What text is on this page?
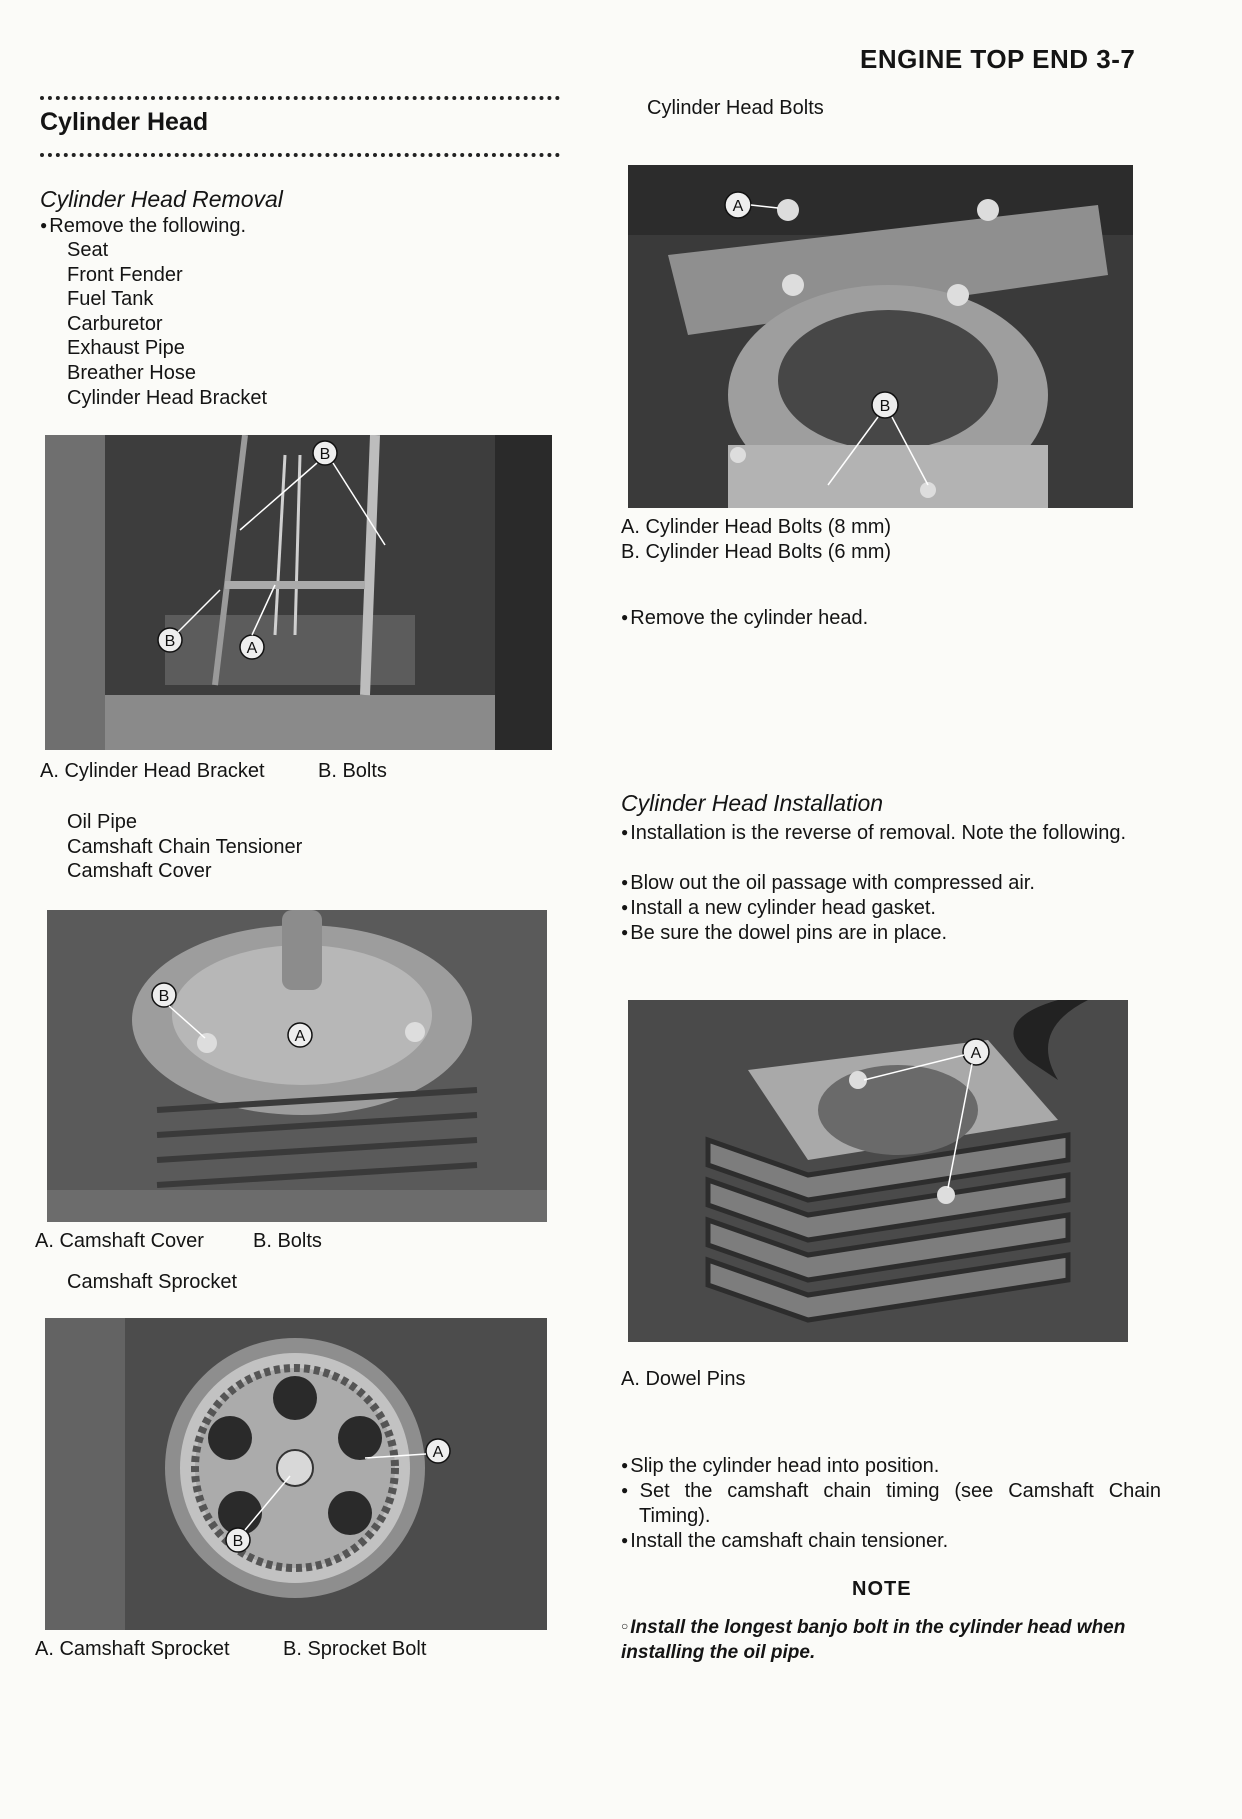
ENGINE TOP END 3-7
Cylinder Head
Cylinder Head Removal
● Remove the following.
Seat
Front Fender
Fuel Tank
Carburetor
Exhaust Pipe
Breather Hose
Cylinder Head Bracket
B
B	A
A. Cylinder Head Bracket	B. Bolts
Oil Pipe
Camshaft Chain Tensioner
Camshaft Cover
B
A
A. Camshaft Cover B. Bolts
Camshaft Sprocket
A
B
A. Camshaft Sprocket	B. Sprocket Bolt
Cylinder Head Bolts
A
B
A. Cylinder Head Bolts (8 mm)
B. Cylinder Head Bolts (6 mm)
● Remove the cylinder head.
Cylinder Head Installation
● Installation is the reverse of removal. Note the following.
● Blow out the oil passage with compressed air.
● Install a new cylinder head gasket.
● Be sure the dowel pins are in place.
A
A. Dowel Pins
● Slip the cylinder head into position.
● Set the camshaft chain timing (see Camshaft Chain Timing).
● Install the camshaft chain tensioner.
NOTE
○ Install the longest banjo bolt in the cylinder head when installing the oil pipe.
